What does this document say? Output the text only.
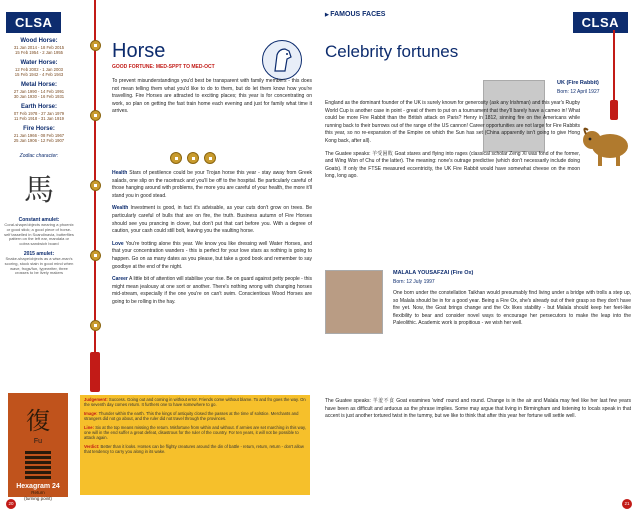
CLSA
Wood Horse:
31 Jan 2014 - 18 Feb 2015
15 Feb 1954 - 2 Jan 1955
Water Horse:
12 Feb 2002 - 1 Jan 2003
15 Feb 1942 - 4 Feb 1943
Metal Horse:
27 Jan 1990 - 14 Feb 1991
30 Jan 1930 - 16 Feb 1931
Earth Horse:
07 Feb 1978 - 27 Jan 1979
11 Feb 1918 - 31 Jan 1919
Fire Horse:
21 Jan 1966 - 08 Feb 1967
25 Jan 1906 - 12 Feb 1907
Zodiac character:
馬
Constant amulet:
Coral-shape/objects wearing a phoenix or good stick; a good piece of horse-self tasselled in Scandinavia, butterflies pattern on the left ear, mandala or cobra sandwich board
2015 amulet:
Snake-shape/objects as a wise-man's scoring, stock stain in good mind when wave, frogs/fun, typewriter, three crosses to be lively makers
Horse
GOOD FORTUNE: MED-SPPT TO MED-OCT

To prevent misunderstandings you'd best be transparent with family members - this does not mean telling them what you'd like to do to them, but do let them know how you're travelling. Fire Horses are attracted to exciting places; this year is for concentrating on work, so plan on getting the fast train home each evening and just for family what time it arrives.

Health Stars of pestilence could be your Trojan horse this year - stay away from Greek salads, one slip on the racetrack and you'll be off to the hospital. Be particularly careful of those hanging around with problems, the more you are careful of your health, the more it'll stand you in good stead.

Wealth Investment is good, in fact it's advisable, as your cuts don't grow on trees. Be particularly careful of bulls that are on fire, the truth. Business autumn of Fire Horses should see you prancing in clover, but don't put that cart before you. With a degree of caution, your cash could still bolt, leaving you the vaulting horse.

Love You're trotting alone this year. We know you like dressing well Water Horses, and that your concentration wanders - this is perfect for your love stars as nothing is going to happen. Go on as many dates as you please, but take a good book and remember to say goodbye at the end of the night.

Career A little bit of attention will stabilise your rise. Be on guard against petty people - this might mean jealousy at one sort or another. There's nothing wrong with changing horses mid-stream, especially if the one you're on can't swim. Conscientious Wood Horses are going to be rolling in the hay.

復
Fu
Hexagram 24
Return
(turning point)

Judgement: Success. Going out and coming in without error. Friends come without blame. To and fro goes the way. On the seventh day comes return. It furthers one to have somewhere to go.

Image: Thunder within the earth. This the kings of antiquity closed the passes at the time of solstice. Merchants and strangers did not go about, and the ruler did not travel through the provinces.

Line: Six at the top means missing the return. Misfortune from within and without. If armies are set marching in this way, one will in the end suffer a great defeat, disastrous for the ruler of the country. For ten years, it will not be possible to attack again.

Verdict: Better than it looks. Horses can be flighty creatures around the din of battle - return, return, return - don't allow that tendency to carry you along in its wake.

20
▶ FAMOUS FACES
CLSA
Celebrity fortunes
UK (Fire Rabbit)
Born: 12 April 1927

England as the dominant founder of the UK is surely known for generosity (ask any Irishman) and this year's Rugby World Cup is another case in point - great of them to put on a tournament that they'll barely have a cameo in! What could be more Fire Rabbit than the British attack on Paris? Henry in 1812, sinning fire on the Americans while running back to their burrows out of the range of the US cannon! Career opportunities are not large for Fire Rabbits this year, so no re-expansion of the Empire on which the Sun has set (China apparently isn't going to give Hong Kong back, after all).

The Guatee speaks: 羊受困敗 Goat stares and flying into rages (classical scholar Zeng Xi was fond of the former, and Wing Won of Chu of the latter). The meaning: none's outrage predictive (which don't necessarily include doing Goats). If only the FTSE measured eccentricity, the UK Fire Rabbit would have somewhat cheese on the moon long, long ago.

MALALA YOUSAFZAI (Fire Ox)
Born: 12 July 1997

One born under the constellation Taikhan would presumably find living under a bridge with trolls a step up, so Malala should be in for a good year. Being a Fire Ox, she's already out of their grasp so they don't have fire yet. Now, the Goat brings change and the Ox likes stability - but Malala should keep her feet-like flexibility to bear and consider novel ways to encourage her persecutors to make the leap into the Paleolithic. Academic work is propitious - we wish her well.

The Guatee speaks: 羊羞不食 Goat examines 'wind' round and round. Change is in the air and Malala may feel like her last few years have been as difficult and arduous as the phrase implies. Some may argue that living in Birmingham and listening to locals speak in that accent is just another tortured twist in the tummy, but we like to think that after this year her fortune will settle well.

21
